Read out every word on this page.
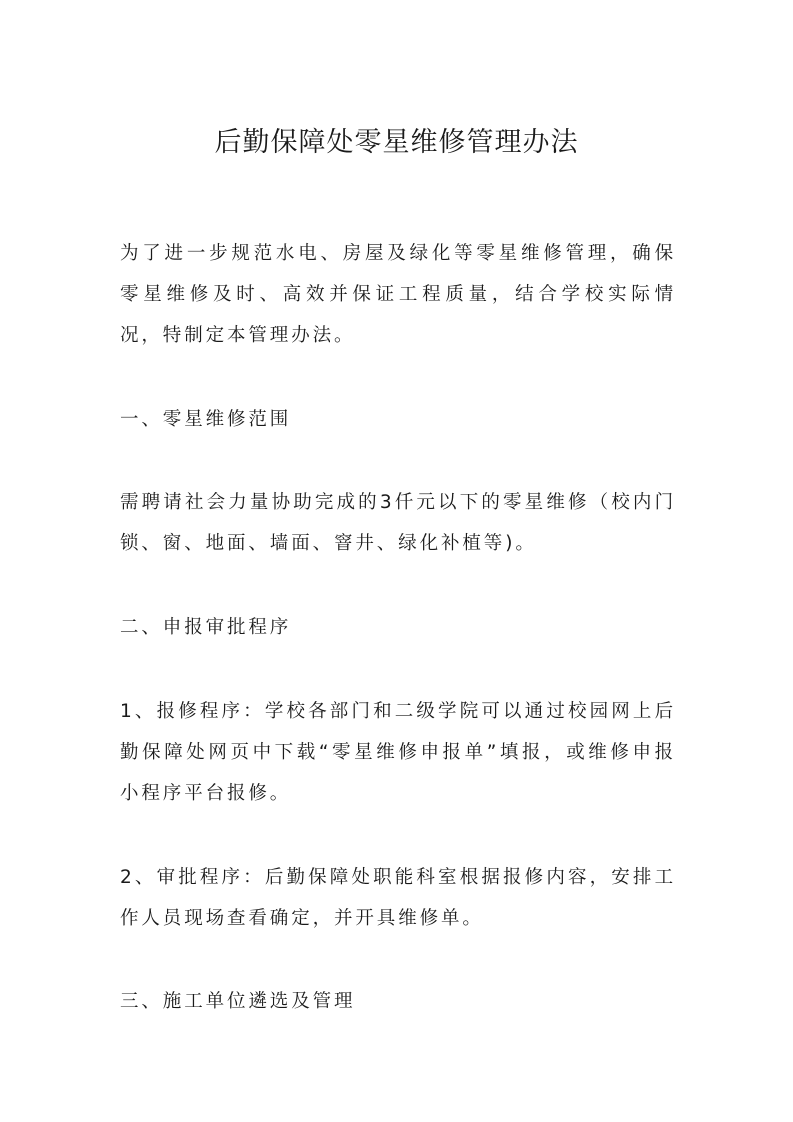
后勤保障处零星维修管理办法

为了进一步规范水电、房屋及绿化等零星维修管理，确保零星维修及时、高效并保证工程质量，结合学校实际情况，特制定本管理办法。

一、零星维修范围

需聘请社会力量协助完成的3仟元以下的零星维修（校内门锁、窗、地面、墙面、窨井、绿化补植等)。

二、申报审批程序

1、报修程序：学校各部门和二级学院可以通过校园网上后勤保障处网页中下载“零星维修申报单”填报，或维修申报小程序平台报修。

2、审批程序：后勤保障处职能科室根据报修内容，安排工作人员现场查看确定，并开具维修单。

三、施工单位遴选及管理
